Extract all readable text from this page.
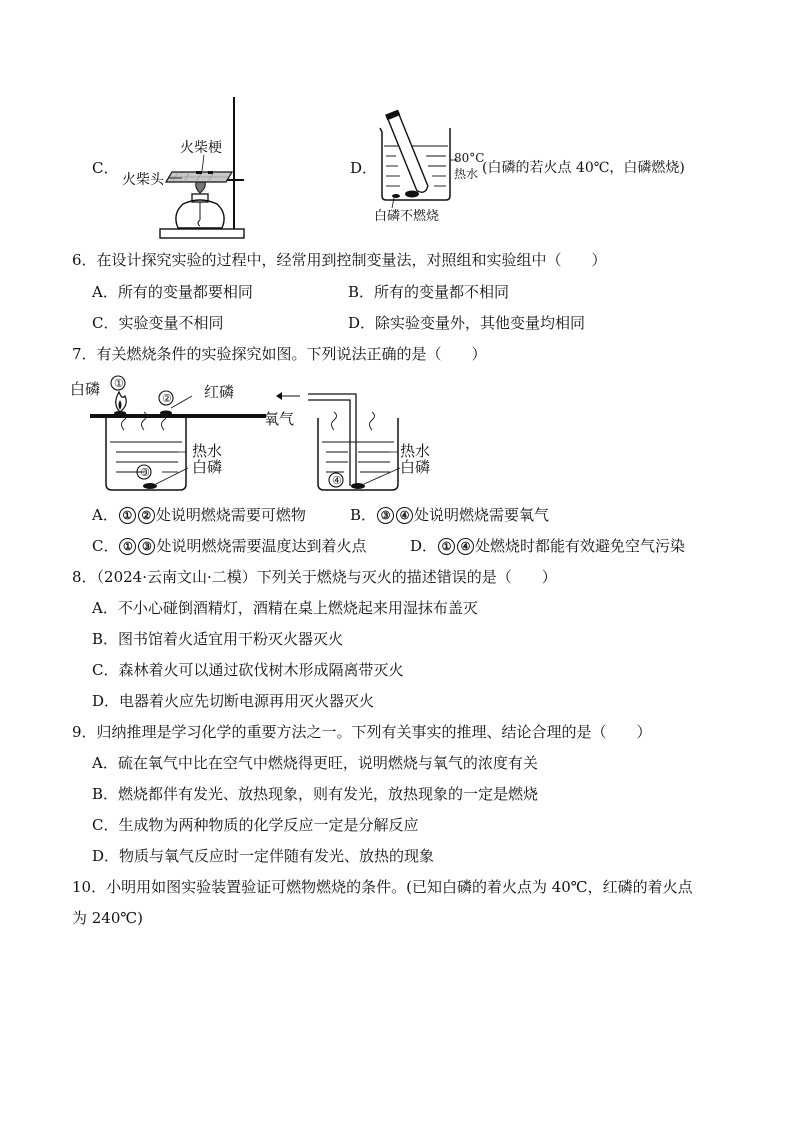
C．
火柴梗
火柴头
D．
80°C
热水
白磷不燃烧
(白磷的若火点 40℃，白磷燃烧)
6．在设计探究实验的过程中，经常用到控制变量法，对照组和实验组中（　　）
A．所有的变量都要相同	B．所有的变量都不相同
C．实验变量不相同	D．除实验变量外，其他变量均相同
7．有关燃烧条件的实验探究如图。下列说法正确的是（　　）
①
②
③
白磷	红磷
热水
白磷
氧气
④
热水
白磷
A． ① ② 处说明燃烧需要可燃物	B． ③ ④ 处说明燃烧需要氧气
C． ① ③ 处说明燃烧需要温度达到着火点	D． ① ④ 处燃烧时都能有效避免空气污染
8．（2024·云南文山·二模）下列关于燃烧与灭火的描述错误的是（　　）
A．不小心碰倒酒精灯，酒精在桌上燃烧起来用湿抹布盖灭
B．图书馆着火适宜用干粉灭火器灭火
C．森林着火可以通过砍伐树木形成隔离带灭火
D．电器着火应先切断电源再用灭火器灭火
9．归纳推理是学习化学的重要方法之一。下列有关事实的推理、结论合理的是（　　）
A．硫在氧气中比在空气中燃烧得更旺，说明燃烧与氧气的浓度有关
B．燃烧都伴有发光、放热现象，则有发光，放热现象的一定是燃烧
C．生成物为两种物质的化学反应一定是分解反应
D．物质与氧气反应时一定伴随有发光、放热的现象
10．小明用如图实验装置验证可燃物燃烧的条件。(已知白磷的着火点为 40℃，红磷的着火点
为 240℃)
